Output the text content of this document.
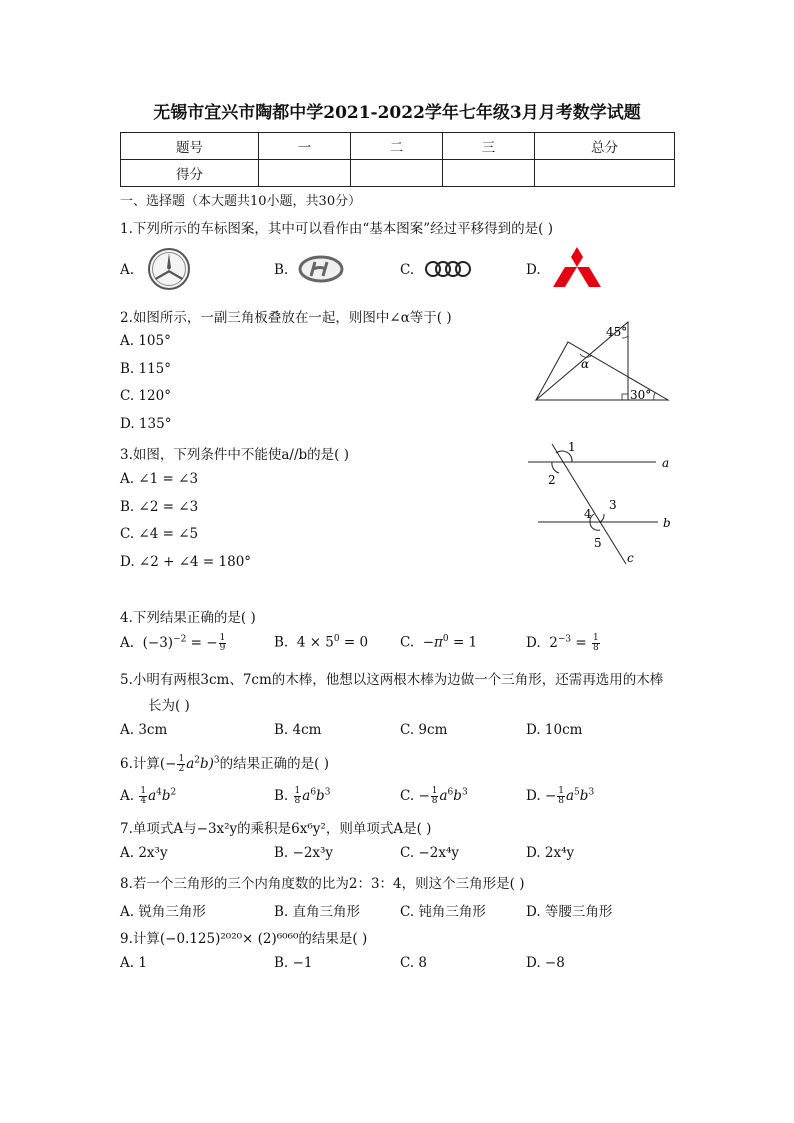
无锡市宜兴市陶都中学2021-2022学年七年级3月月考数学试题
题号	一	二	三	总分
得分				
一、选择题（本大题共10小题，共30分）
1.下列所示的车标图案，其中可以看作由“基本图案”经过平移得到的是( )
A.	B.	C.	D.
2.如图所示，一副三角板叠放在一起，则图中∠α等于( )
A. 105°
B. 115°
C. 120°
D. 135°
45°
α
30°
3.如图，下列条件中不能使a//b的是( )
A. ∠1 = ∠3
B. ∠2 = ∠3
C. ∠4 = ∠5
D. ∠2 + ∠4 = 180°
1
2
3
4
5
a
b
c
4.下列结果正确的是( )
A. $(-3)^{-2}$ = − $\frac{1}{9}$	B. $4 \times 5^0 = 0$ C. $-\pi^0 = 1$	D. $2^{-3} = \frac{1}{8}$
5.小明有两根3cm、7cm的木棒，他想以这两根木棒为边做一个三角形，还需再选用的木棒
长为( )
A. 3cm	B. 4cm	C. 9cm	D. 10cm
6.计算(− $\frac{1}{2} a^2b)^3$的结果正确的是( )
A. $\frac{1}{4} a^4b^2$	B. $\frac{1}{8} a^6b^3$	C. − $\frac{1}{8} a^6b^3$	D. − $\frac{1}{8} a^5b^3$
7.单项式A与−3x²y的乘积是6x⁶y²，则单项式A是( )
A. 2x³y	B. −2x³y	C. −2x⁴y	D. 2x⁴y
8.若一个三角形的三个内角度数的比为2：3：4，则这个三角形是( )
A. 锐角三角形	B. 直角三角形	C. 钝角三角形	D. 等腰三角形
9.计算(−0.125)²⁰²⁰× (2)⁶⁰⁶⁰的结果是( )
A. 1	B. −1	C. 8	D. −8
